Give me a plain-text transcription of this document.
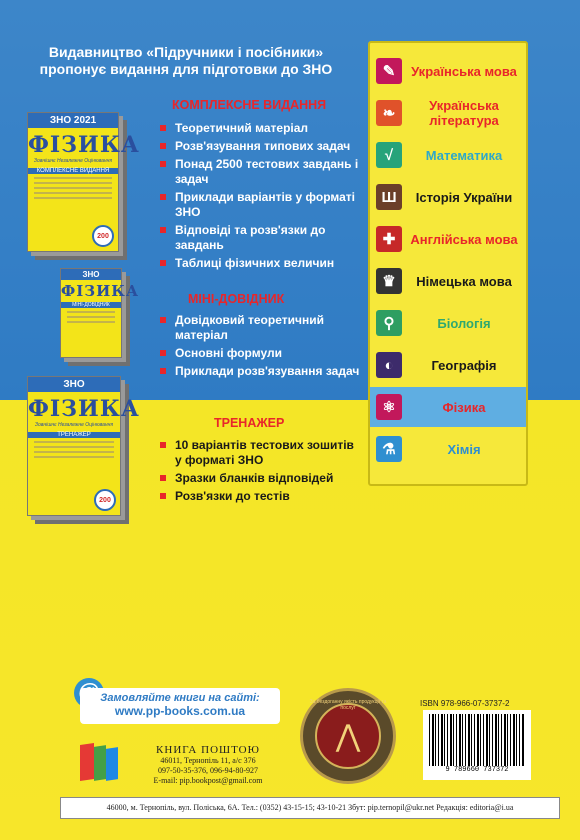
Видавництво «Підручники і посібники»
пропонує видання для підготовки до ЗНО
ЗНО 2021
ФІЗИКА
Зовнішнє Незалежне Оцінювання
КОМПЛЕКСНЕ ВИДАННЯ
200
ЗНО
ФІЗИКА
МІНІ-ДОВІДНИК
ЗНО
ФІЗИКА
Зовнішнє Незалежне Оцінювання
ТРЕНАЖЕР
200
КОМПЛЕКСНЕ ВИДАННЯ
Теоретичний матеріал
Розв'язування типових задач
Понад 2500 тестових завдань і задач
Приклади варіантів у форматі ЗНО
Відповіді та розв'язки до завдань
Таблиці фізичних величин
МІНІ-ДОВІДНИК
Довідковий теоретичний матеріал
Основні формули
Приклади розв'язування задач
ТРЕНАЖЕР
10 варіантів тестових зошитів у форматі ЗНО
Зразки бланків відповідей
Розв'язки до тестів
✎	Українська мова
❧	Українська література
√	Математика
Ш	Історія України
✚	Англійська мова
♛	Німецька мова
⚲	Біологія
◐	Географія
⚛	Фізика
⚗	Хімія
Замовляйте книги на сайті:
www.pp-books.com.ua
КНИГА ПОШТОЮ
46011, Тернопіль 11, а/с 376
097-50-35-376, 096-94-80-927
E-mail: pip.bookpost@gmail.com
⋀
За бездоганну якість продукції та послуг	ISBN 978-966-07-3737-2
9 789660 737372
46000, м. Тернопіль, вул. Поліська, 6А. Тел.: (0352) 43-15-15; 43-10-21 Збут: pip.ternopil@ukr.net Редакція: editoria@i.ua
